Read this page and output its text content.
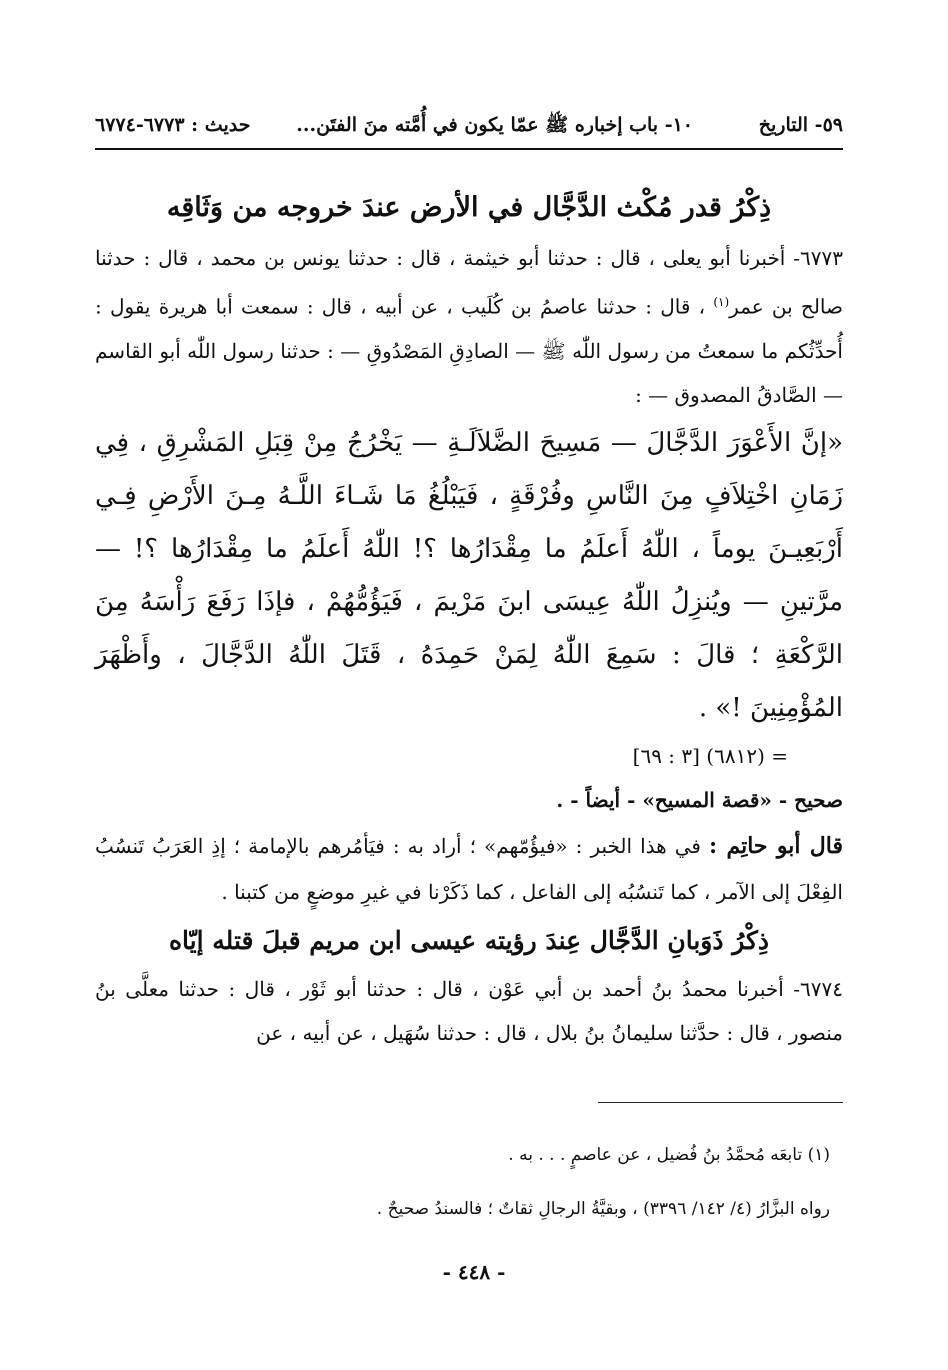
٥٩- التاريخ
١٠- باب إخباره ﷺ عمّا يكون في أُمَّته منَ الفتَن...
حديث : ٦٧٧٣-٦٧٧٤
ذِكْرُ قدر مُكْث الدَّجَّال في الأرض عندَ خروجه من وَثَاقِه

٦٧٧٣- أخبرنا أبو يعلى ، قال : حدثنا أبو خيثمة ، قال : حدثنا يونس بن محمد ، قال : حدثنا صالح بن عمر$^{(١)}$ ، قال : حدثنا عاصمُ بن كُلَيب ، عن أبيه ، قال : سمعت أبا هريرة يقول : أُحدِّثُكم ما سمعتُ من رسول اللّٰه ﷺ — الصادِقِ المَصْدُوقِ — : حدثنا رسول اللّٰه أبو القاسم — الصَّادقُ المصدوق — :

«إنَّ الأَعْوَرَ الدَّجَّالَ — مَسِيحَ الضَّلاَلَـةِ — يَخْرُجُ مِنْ قِبَلِ المَشْرِقِ ، فِي زَمَانِ اخْتِلاَفٍ مِنَ النَّاسِ وفُرْقَةٍ ، فَيَبْلُغُ مَا شَـاءَ اللَّـهُ مِـنَ الأَرْضِ فِـي أَرْبَعِيـنَ يوماً ، اللّٰهُ أَعلَمُ ما مِقْدَارُها ؟! اللّٰهُ أَعلَمُ ما مِقْدَارُها ؟! — مرَّتينِ — ويُنزِلُ اللّٰهُ عِيسَى ابنَ مَرْيمَ ، فَيَؤُمُّهُمْ ، فإذَا رَفَعَ رَأْسَهُ مِنَ الرَّكْعَةِ ؛ قالَ : سَمِعَ اللّٰهُ لِمَنْ حَمِدَهُ ، قَتَلَ اللّٰهُ الدَّجَّالَ ، وأَظْهَرَ المُؤْمِنِينَ !» .

= (٦٨١٢) [٣ : ٦٩]

صحيح - «قصة المسيح» - أيضاً - .

قال أبو حاتِم : في هذا الخبر : «فيؤُمّهم» ؛ أراد به : فيَأمُرهم بالإمامة ؛ إذِ العَرَبُ تَنسُبُ الفِعْلَ إلى الآمر ، كما تَنسُبُه إلى الفاعل ، كما ذَكَرْنا في غيرِ موضعٍ من كتبنا .

ذِكْرُ ذَوَبانِ الدَّجَّال عِندَ رؤيته عيسى ابن مريم قبلَ قتله إيّاه

٦٧٧٤- أخبرنا محمدُ بنُ أحمد بن أبي عَوْن ، قال : حدثنا أبو ثَوْر ، قال : حدثنا معلَّى بنُ منصور ، قال : حدَّثنا سليمانُ بنُ بلال ، قال : حدثنا سُهَيل ، عن أبيه ، عن

(١) تابعَه مُحمَّدُ بنُ فُضيل ، عن عاصمٍ . . . به .
رواه البزَّارُ (٤/ ١٤٢/ ٣٣٩٦) ، وبقيَّةُ الرجالِ ثقاتٌ ؛ فالسندُ صحيحٌ .
- ٤٤٨ -
